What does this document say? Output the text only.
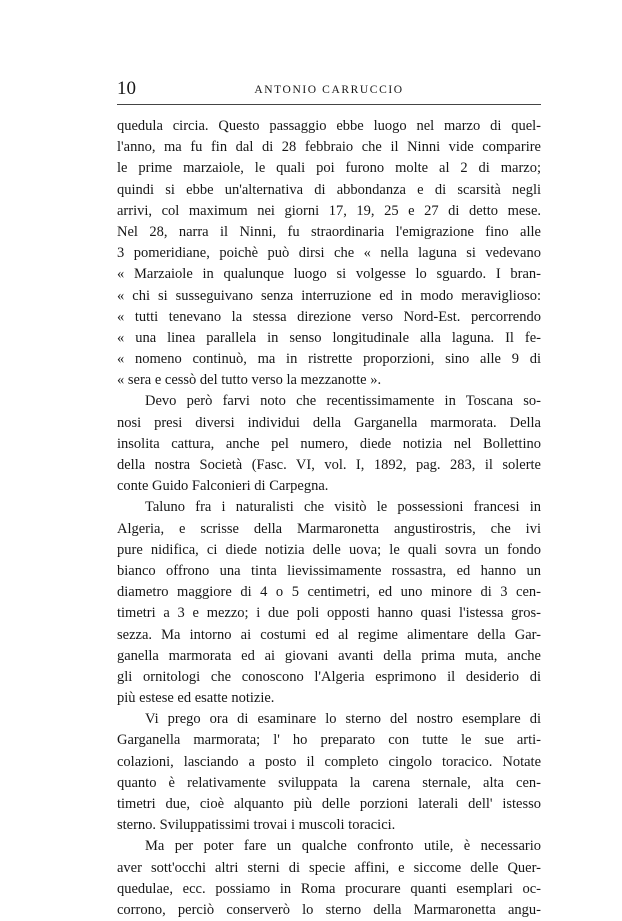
10	ANTONIO CARRUCCIO
quedula circia. Questo passaggio ebbe luogo nel marzo di quel-
l'anno, ma fu fin dal di 28 febbraio che il Ninni vide comparire
le prime marzaiole, le quali poi furono molte al 2 di marzo;
quindi si ebbe un'alternativa di abbondanza e di scarsità negli
arrivi, col maximum nei giorni 17, 19, 25 e 27 di detto mese.
Nel 28, narra il Ninni, fu straordinaria l'emigrazione fino alle
3 pomeridiane, poichè può dirsi che « nella laguna si vedevano
« Marzaiole in qualunque luogo si volgesse lo sguardo. I bran-
« chi si susseguivano senza interruzione ed in modo meraviglioso:
« tutti tenevano la stessa direzione verso Nord-Est. percorrendo
« una linea parallela in senso longitudinale alla laguna. Il fe-
« nomeno continuò, ma in ristrette proporzioni, sino alle 9 di
« sera e cessò del tutto verso la mezzanotte ».
Devo però farvi noto che recentissimamente in Toscana so-
nosi presi diversi individui della Garganella marmorata. Della
insolita cattura, anche pel numero, diede notizia nel Bollettino
della nostra Società (Fasc. VI, vol. I, 1892, pag. 283, il solerte
conte Guido Falconieri di Carpegna.
Taluno fra i naturalisti che visitò le possessioni francesi in
Algeria, e scrisse della Marmaronetta angustirostris, che ivi
pure nidifica, ci diede notizia delle uova; le quali sovra un fondo
bianco offrono una tinta lievissimamente rossastra, ed hanno un
diametro maggiore di 4 o 5 centimetri, ed uno minore di 3 cen-
timetri a 3 e mezzo; i due poli opposti hanno quasi l'istessa gros-
sezza. Ma intorno ai costumi ed al regime alimentare della Gar-
ganella marmorata ed ai giovani avanti della prima muta, anche
gli ornitologi che conoscono l'Algeria esprimono il desiderio di
più estese ed esatte notizie.
Vi prego ora di esaminare lo sterno del nostro esemplare di
Garganella marmorata; l' ho preparato con tutte le sue arti-
colazioni, lasciando a posto il completo cingolo toracico. Notate
quanto è relativamente sviluppata la carena sternale, alta cen-
timetri due, cioè alquanto più delle porzioni laterali dell' istesso
sterno. Sviluppatissimi trovai i muscoli toracici.
Ma per poter fare un qualche confronto utile, è necessario
aver sott'occhi altri sterni di specie affini, e siccome delle Quer-
quedulae, ecc. possiamo in Roma procurare quanti esemplari oc-
corrono, perciò conserverò lo sterno della Marmaronetta angu-
